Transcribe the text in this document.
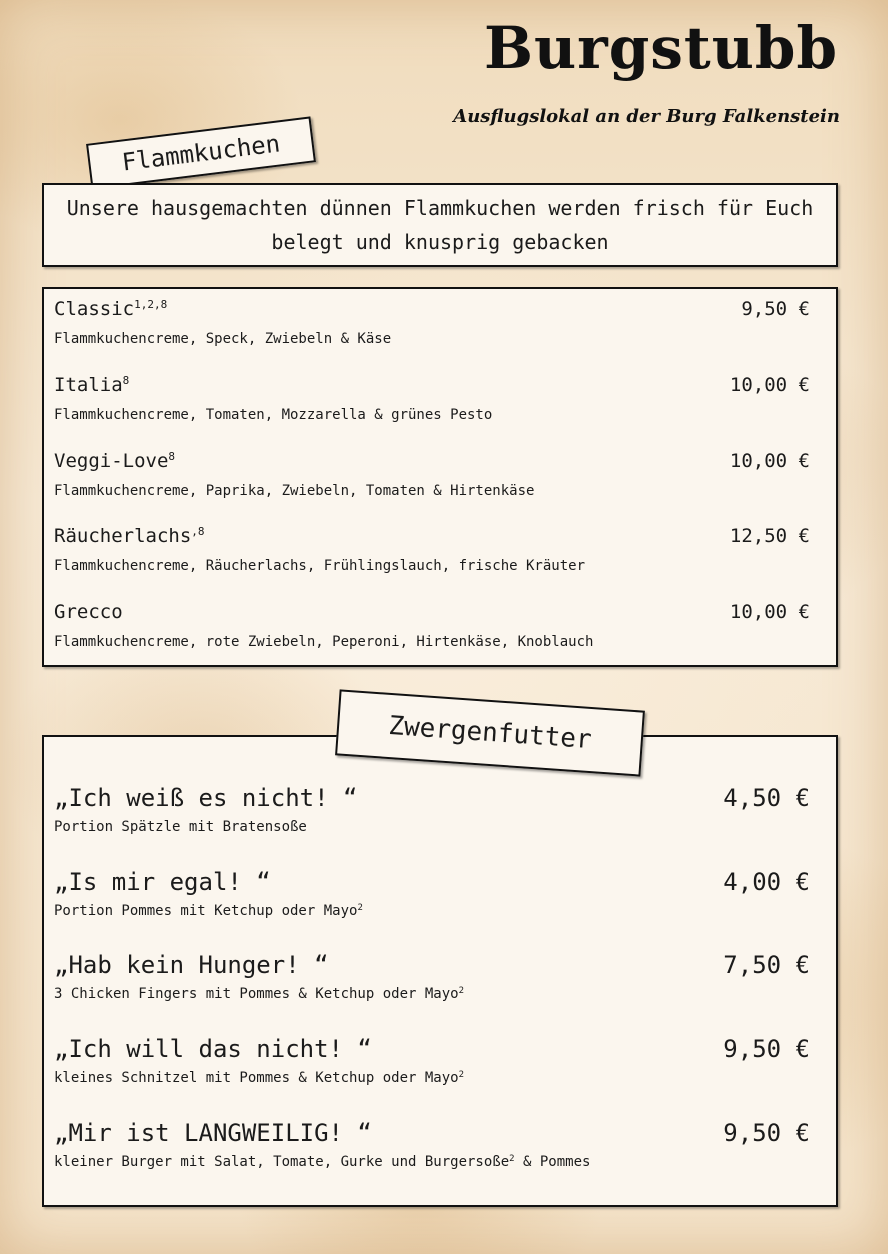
Burgstubb

Ausflugslokal an der Burg Falkenstein

Flammkuchen
Unsere hausgemachten dünnen Flammkuchen werden frisch für Euch belegt und knusprig gebacken
Classic$^{1,2,8}$	9,50 €
Flammkuchencreme, Speck, Zwiebeln & Käse
Italia$^8$	10,00 €
Flammkuchencreme, Tomaten, Mozzarella & grünes Pesto
Veggi-Love$^8$	10,00 €
Flammkuchencreme, Paprika, Zwiebeln, Tomaten & Hirtenkäse
Räucherlachs$^{,8}$	12,50 €
Flammkuchencreme, Räucherlachs, Frühlingslauch, frische Kräuter
Grecco	10,00 €
Flammkuchencreme, rote Zwiebeln, Peperoni, Hirtenkäse, Knoblauch
Zwergenfutter
„Ich weiß es nicht! “	4,50 €
Portion Spätzle mit Bratensoße
„Is mir egal! “	4,00 €
Portion Pommes mit Ketchup oder Mayo$^2$
„Hab kein Hunger! “	7,50 €
3 Chicken Fingers mit Pommes & Ketchup oder Mayo$^2$
„Ich will das nicht! “	9,50 €
kleines Schnitzel mit Pommes & Ketchup oder Mayo$^2$
„Mir ist LANGWEILIG! “	9,50 €
kleiner Burger mit Salat, Tomate, Gurke und Burgersoße$^2$ & Pommes
